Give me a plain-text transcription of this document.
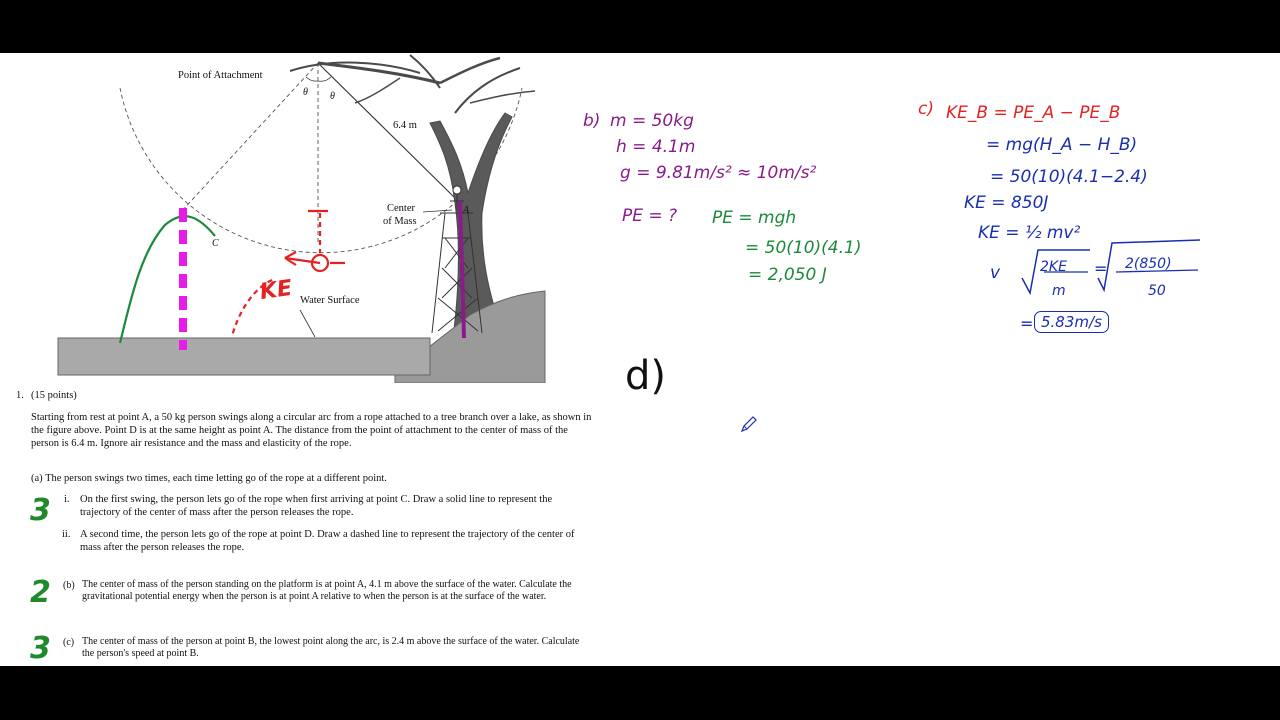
Point of Attachment
θ θ
6.4 m
Center
of Mass
A
C
Water Surface
KE
1. (15 points)
Starting from rest at point A, a 50 kg person swings along a circular arc from a rope attached to a tree branch over a lake, as shown in the figure above. Point D is at the same height as point A. The distance from the point of attachment to the center of mass of the person is 6.4 m. Ignore air resistance and the mass and elasticity of the rope.
(a) The person swings two times, each time letting go of the rope at a different point.
i. On the first swing, the person lets go of the rope when first arriving at point C. Draw a solid line to represent the trajectory of the center of mass after the person releases the rope.
ii. A second time, the person lets go of the rope at point D. Draw a dashed line to represent the trajectory of the center of mass after the person releases the rope.
(b) The center of mass of the person standing on the platform is at point A, 4.1 m above the surface of the water. Calculate the gravitational potential energy when the person is at point A relative to when the person is at the surface of the water.
(c) The center of mass of the person at point B, the lowest point along the arc, is 2.4 m above the surface of the water. Calculate the person's speed at point B.
3
2
3
b) m = 50kg
h = 4.1m
g = 9.81m/s² ≈ 10m/s²
PE = ? PE = mgh
= 50(10)(4.1)
= 2,050 J
c) KE_B = PE_A − PE_B
= mg(H_A − H_B)
= 50(10)(4.1−2.4)
KE = 850J
KE = ½ mv²
v	=
2KE
m
2(850)
50
= 5.83m/s
d)
